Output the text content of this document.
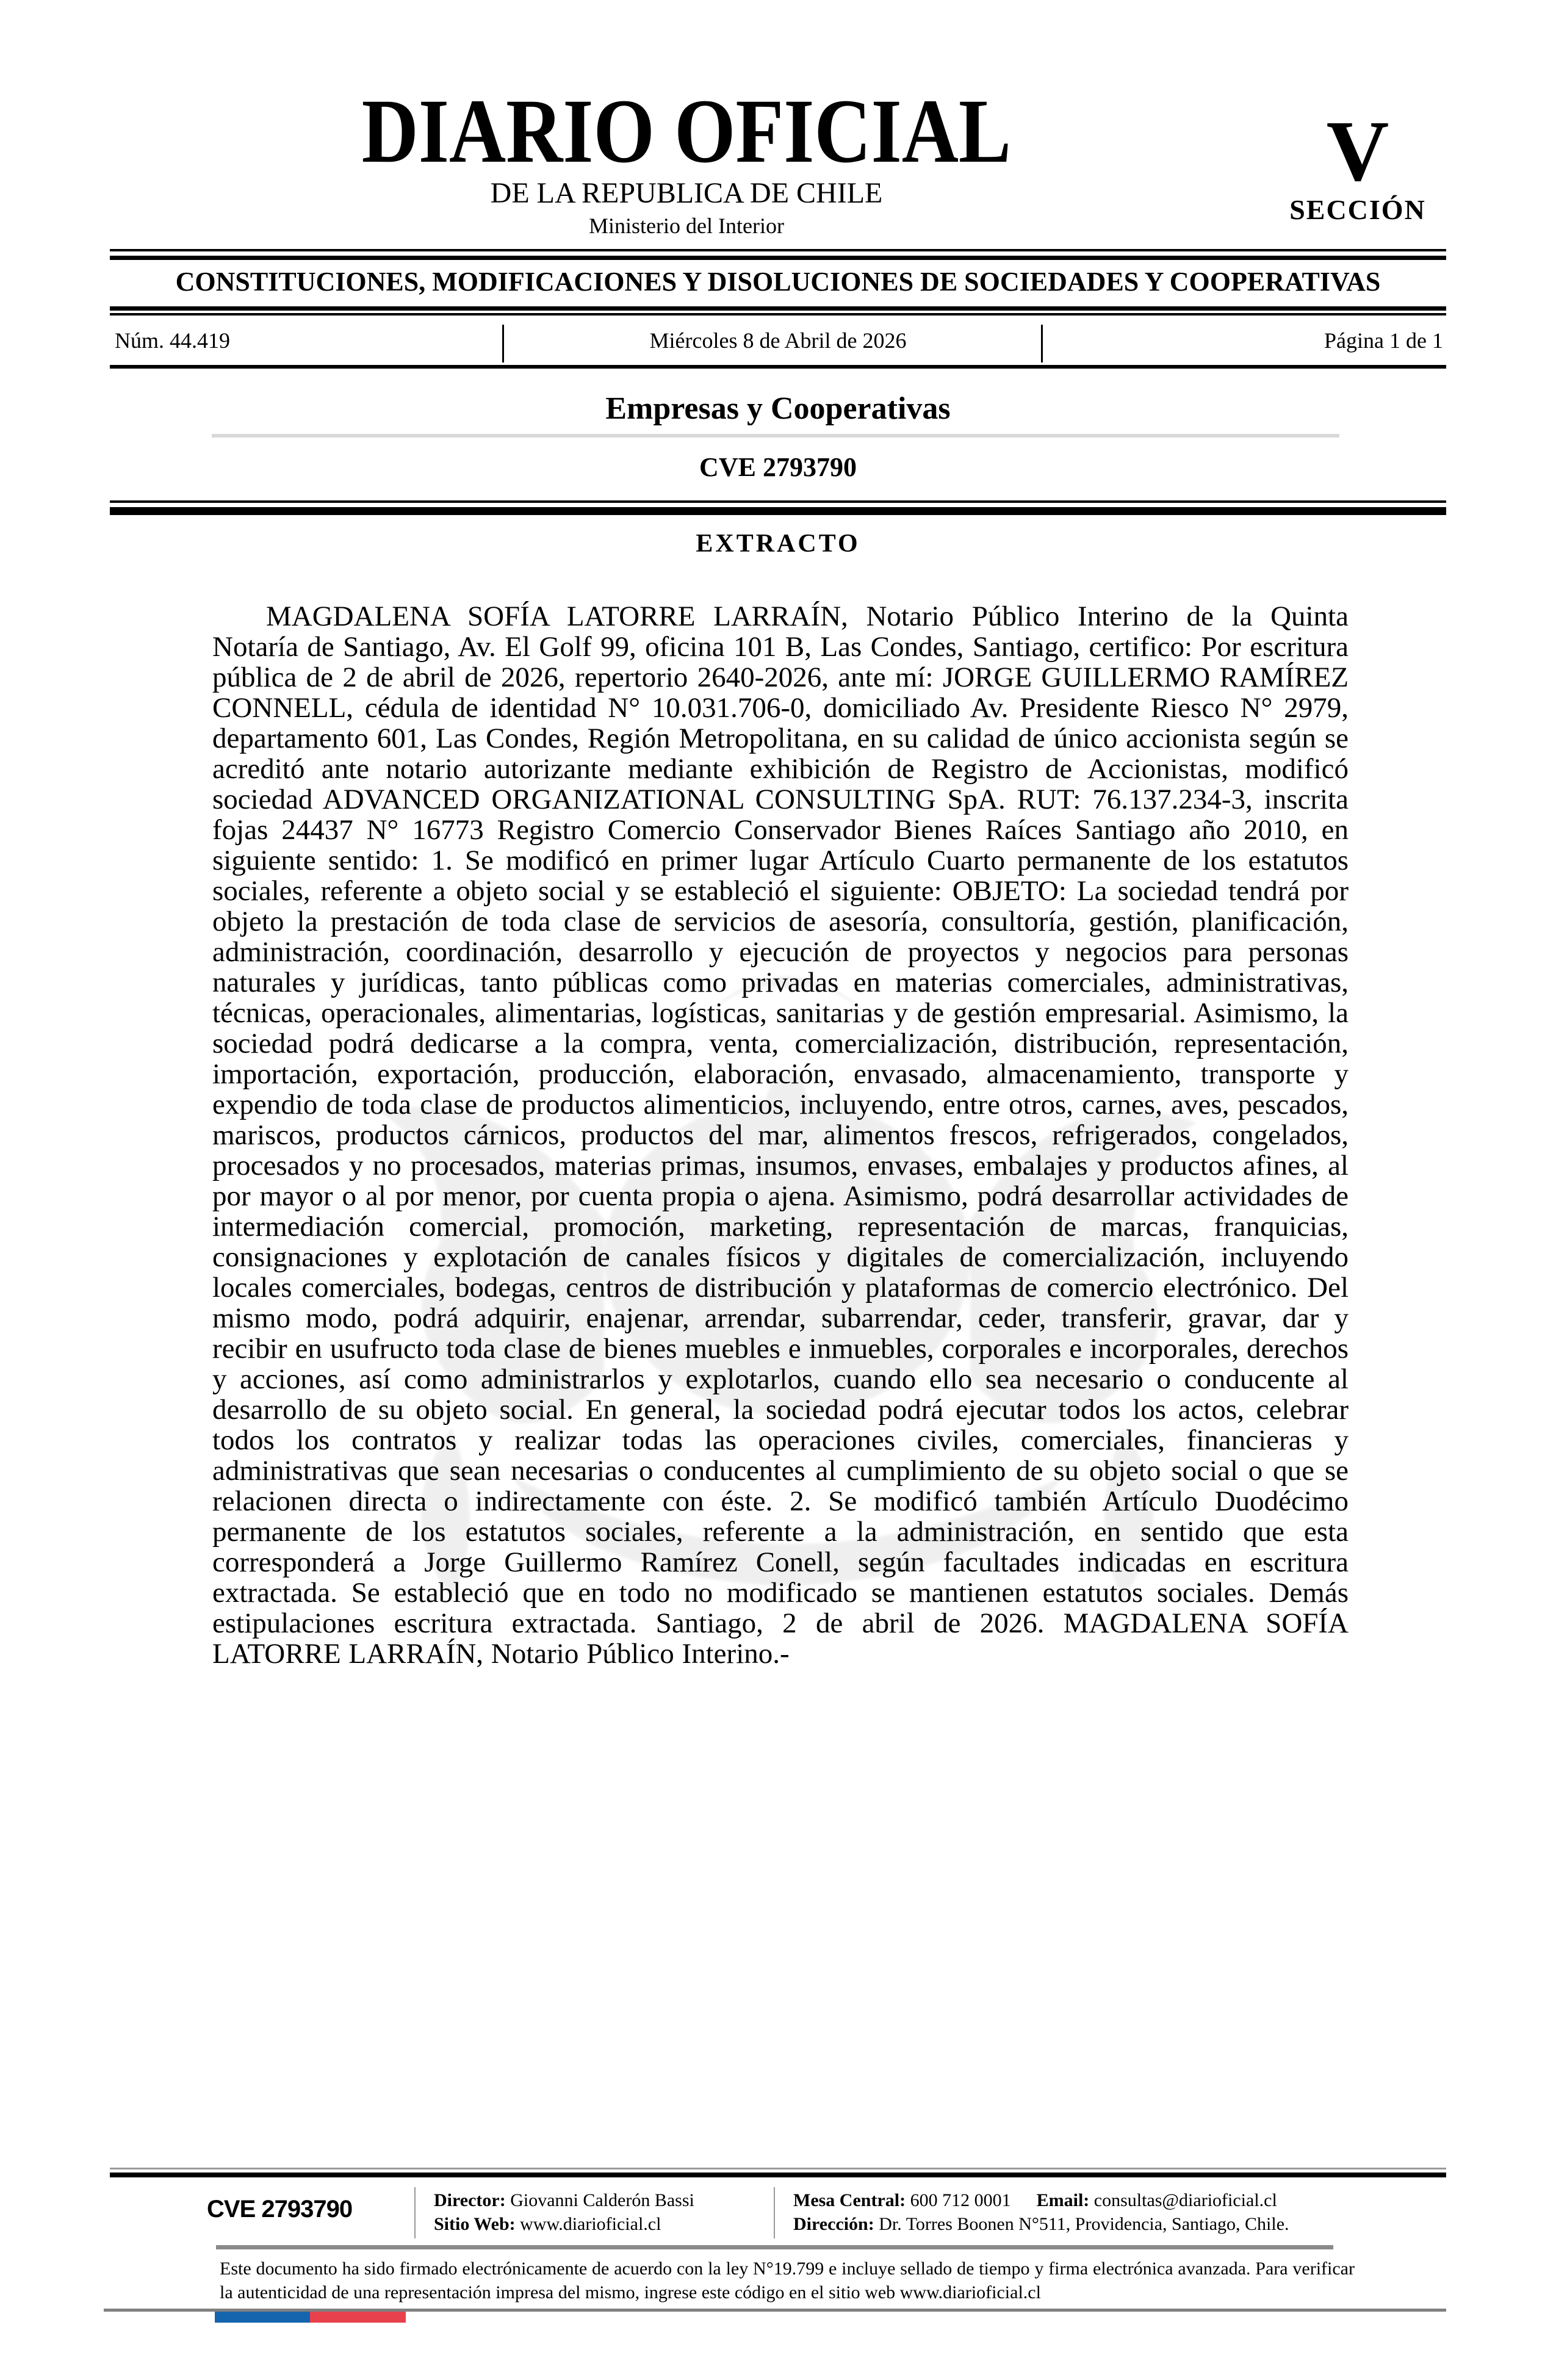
DIARIO OFICIAL
DE LA REPUBLICA DE CHILE
Ministerio del Interior
V
SECCIÓN
CONSTITUCIONES, MODIFICACIONES Y DISOLUCIONES DE SOCIEDADES Y COOPERATIVAS
Núm. 44.419	Miércoles 8 de Abril de 2026	Página 1 de 1
Empresas y Cooperativas
CVE 2793790
EXTRACTO
MAGDALENA SOFÍA LATORRE LARRAÍN, Notario Público Interino de la Quinta Notaría de Santiago, Av. El Golf 99, oficina 101 B, Las Condes, Santiago, certifico: Por escritura pública de 2 de abril de 2026, repertorio 2640-2026, ante mí: JORGE GUILLERMO RAMÍREZ CONNELL, cédula de identidad N° 10.031.706-0, domiciliado Av. Presidente Riesco N° 2979, departamento 601, Las Condes, Región Metropolitana, en su calidad de único accionista según se acreditó ante notario autorizante mediante exhibición de Registro de Accionistas, modificó sociedad ADVANCED ORGANIZATIONAL CONSULTING SpA. RUT: 76.137.234-3, inscrita fojas 24437 N° 16773 Registro Comercio Conservador Bienes Raíces Santiago año 2010, en siguiente sentido: 1. Se modificó en primer lugar Artículo Cuarto permanente de los estatutos sociales, referente a objeto social y se estableció el siguiente: OBJETO: La sociedad tendrá por objeto la prestación de toda clase de servicios de asesoría, consultoría, gestión, planificación, administración, coordinación, desarrollo y ejecución de proyectos y negocios para personas naturales y jurídicas, tanto públicas como privadas en materias comerciales, administrativas, técnicas, operacionales, alimentarias, logísticas, sanitarias y de gestión empresarial. Asimismo, la sociedad podrá dedicarse a la compra, venta, comercialización, distribución, representación, importación, exportación, producción, elaboración, envasado, almacenamiento, transporte y expendio de toda clase de productos alimenticios, incluyendo, entre otros, carnes, aves, pescados, mariscos, productos cárnicos, productos del mar, alimentos frescos, refrigerados, congelados, procesados y no procesados, materias primas, insumos, envases, embalajes y productos afines, al por mayor o al por menor, por cuenta propia o ajena. Asimismo, podrá desarrollar actividades de intermediación comercial, promoción, marketing, representación de marcas, franquicias, consignaciones y explotación de canales físicos y digitales de comercialización, incluyendo locales comerciales, bodegas, centros de distribución y plataformas de comercio electrónico. Del mismo modo, podrá adquirir, enajenar, arrendar, subarrendar, ceder, transferir, gravar, dar y recibir en usufructo toda clase de bienes muebles e inmuebles, corporales e incorporales, derechos y acciones, así como administrarlos y explotarlos, cuando ello sea necesario o conducente al desarrollo de su objeto social. En general, la sociedad podrá ejecutar todos los actos, celebrar todos los contratos y realizar todas las operaciones civiles, comerciales, financieras y administrativas que sean necesarias o conducentes al cumplimiento de su objeto social o que se relacionen directa o indirectamente con éste. 2. Se modificó también Artículo Duodécimo permanente de los estatutos sociales, referente a la administración, en sentido que esta corresponderá a Jorge Guillermo Ramírez Conell, según facultades indicadas en escritura extractada. Se estableció que en todo no modificado se mantienen estatutos sociales. Demás estipulaciones escritura extractada. Santiago, 2 de abril de 2026. MAGDALENA SOFÍA LATORRE LARRAÍN, Notario Público Interino.-
CVE 2793790	Director: Giovanni Calderón Bassi
Sitio Web: www.diarioficial.cl
Mesa Central: 600 712 0001 Email: consultas@diarioficial.cl
Dirección: Dr. Torres Boonen N°511, Providencia, Santiago, Chile.
Este documento ha sido firmado electrónicamente de acuerdo con la ley N°19.799 e incluye sellado de tiempo y firma electrónica avanzada. Para verificar la autenticidad de una representación impresa del mismo, ingrese este código en el sitio web www.diarioficial.cl
